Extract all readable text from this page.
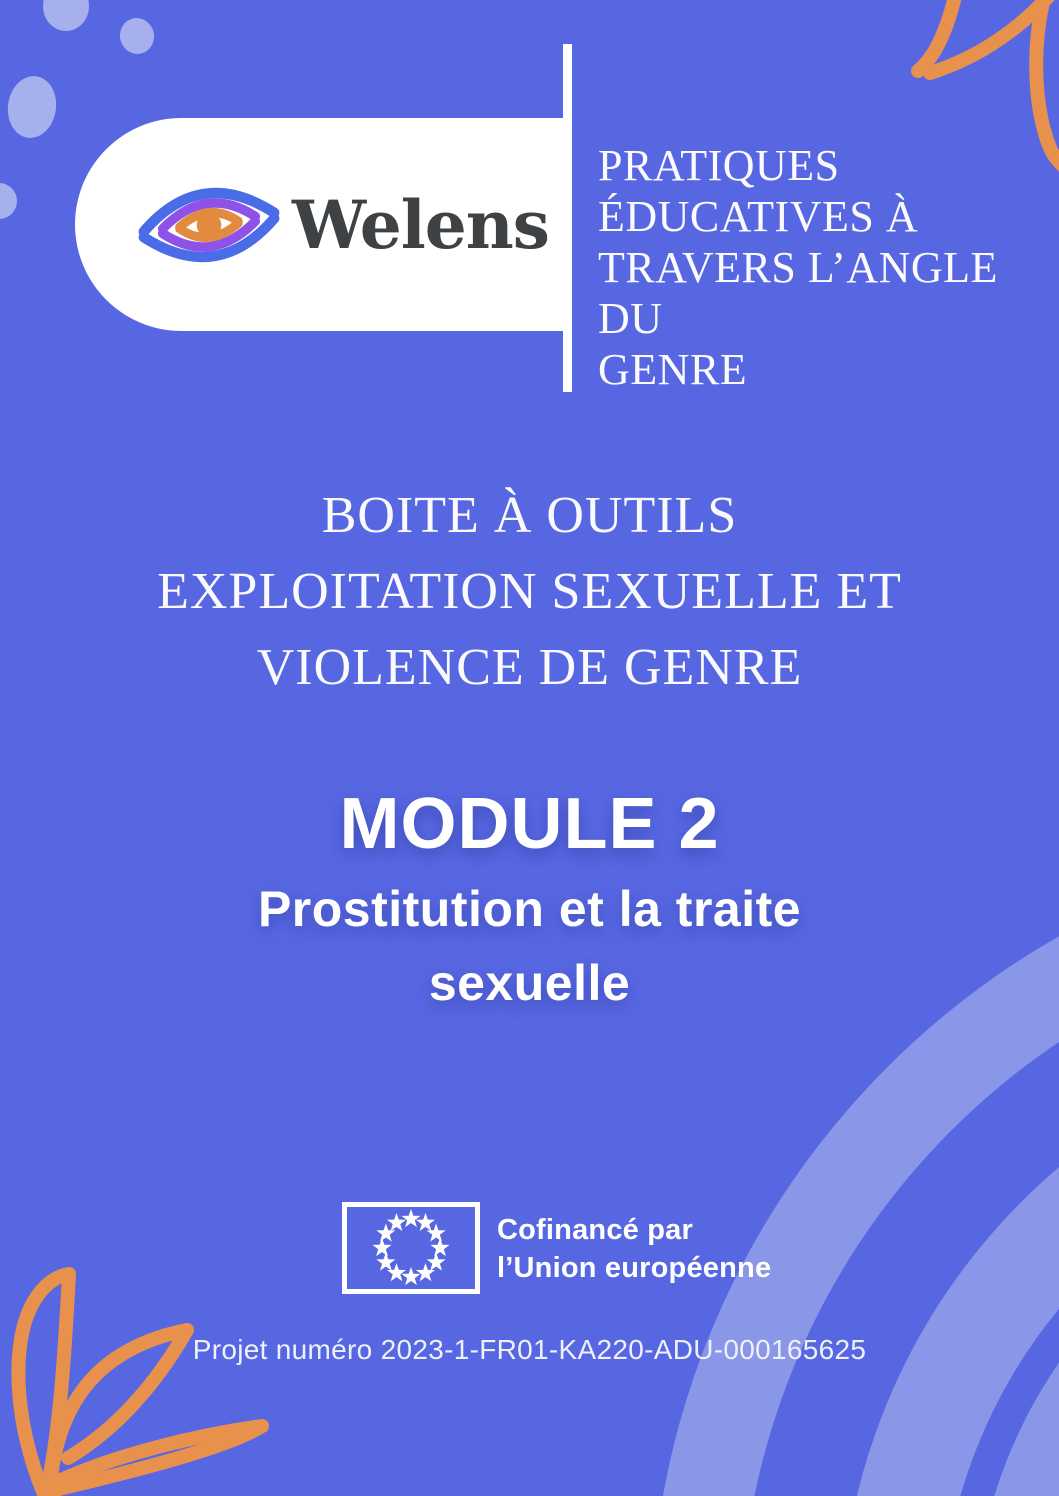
Welens
PRATIQUES
ÉDUCATIVES À
TRAVERS L’ANGLE DU
GENRE
BOITE À OUTILS
EXPLOITATION SEXUELLE ET
VIOLENCE DE GENRE
MODULE 2
Prostitution et la traite
sexuelle
Cofinancé par
l’Union européenne
Projet numéro 2023-1-FR01-KA220-ADU-000165625
